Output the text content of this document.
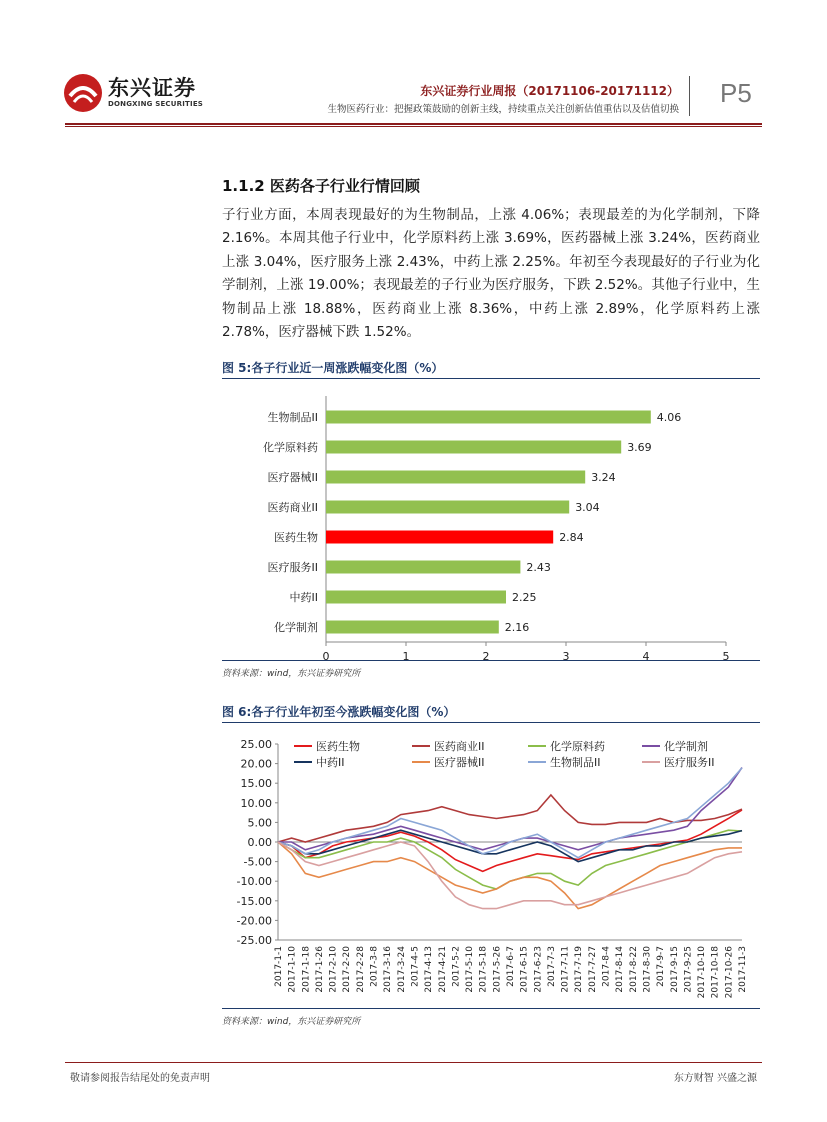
东兴证券
DONGXING SECURITIES
东兴证券行业周报（20171106-20171112）
生物医药行业：把握政策鼓励的创新主线，持续重点关注创新估值重估以及估值切换
P5
1.1.2 医药各子行业行情回顾
子行业方面，本周表现最好的为生物制品，上涨 4.06%；表现最差的为化学制剂，下降 2.16%。本周其他子行业中，化学原料药上涨 3.69%，医药器械上涨 3.24%，医药商业上涨 3.04%，医疗服务上涨 2.43%，中药上涨 2.25%。年初至今表现最好的子行业为化学制剂，上涨 19.00%；表现最差的子行业为医疗服务，下跌 2.52%。其他子行业中，生物制品上涨 18.88%，医药商业上涨 8.36%，中药上涨 2.89%，化学原料药上涨 2.78%，医疗器械下跌 1.52%。
图 5:各子行业近一周涨跌幅变化图（%）
生物制品II	4.06
化学原料药	3.69
医疗器械II	3.24
医药商业II	3.04
医药生物	2.84
医疗服务II	2.43
中药II	2.25
化学制剂	2.16
0	1	2	3	4	5
资料来源：wind，东兴证券研究所
图 6:各子行业年初至今涨跌幅变化图（%）
25.00
20.00
15.00
10.00
5.00
0.00
-5.00
-10.00
-15.00
-20.00
-25.00
2017-1-1 2017-1-10 2017-1-18 2017-1-26 2017-2-10 2017-2-20 2017-2-28 2017-3-8 2017-3-16 2017-3-24 2017-4-5 2017-4-13 2017-4-21 2017-5-2 2017-5-10 2017-5-18 2017-5-26 2017-6-7 2017-6-15 2017-6-23 2017-7-3 2017-7-11 2017-7-19 2017-7-27 2017-8-4 2017-8-14 2017-8-22 2017-8-30 2017-9-7 2017-9-15 2017-9-25 2017-10-10 2017-10-18 2017-10-26 2017-11-3
医药生物	医药商业II	化学原料药	化学制剂
中药II	医疗器械II	生物制品II	医疗服务II
资料来源：wind，东兴证券研究所
敬请参阅报告结尾处的免责声明	东方财智 兴盛之源
